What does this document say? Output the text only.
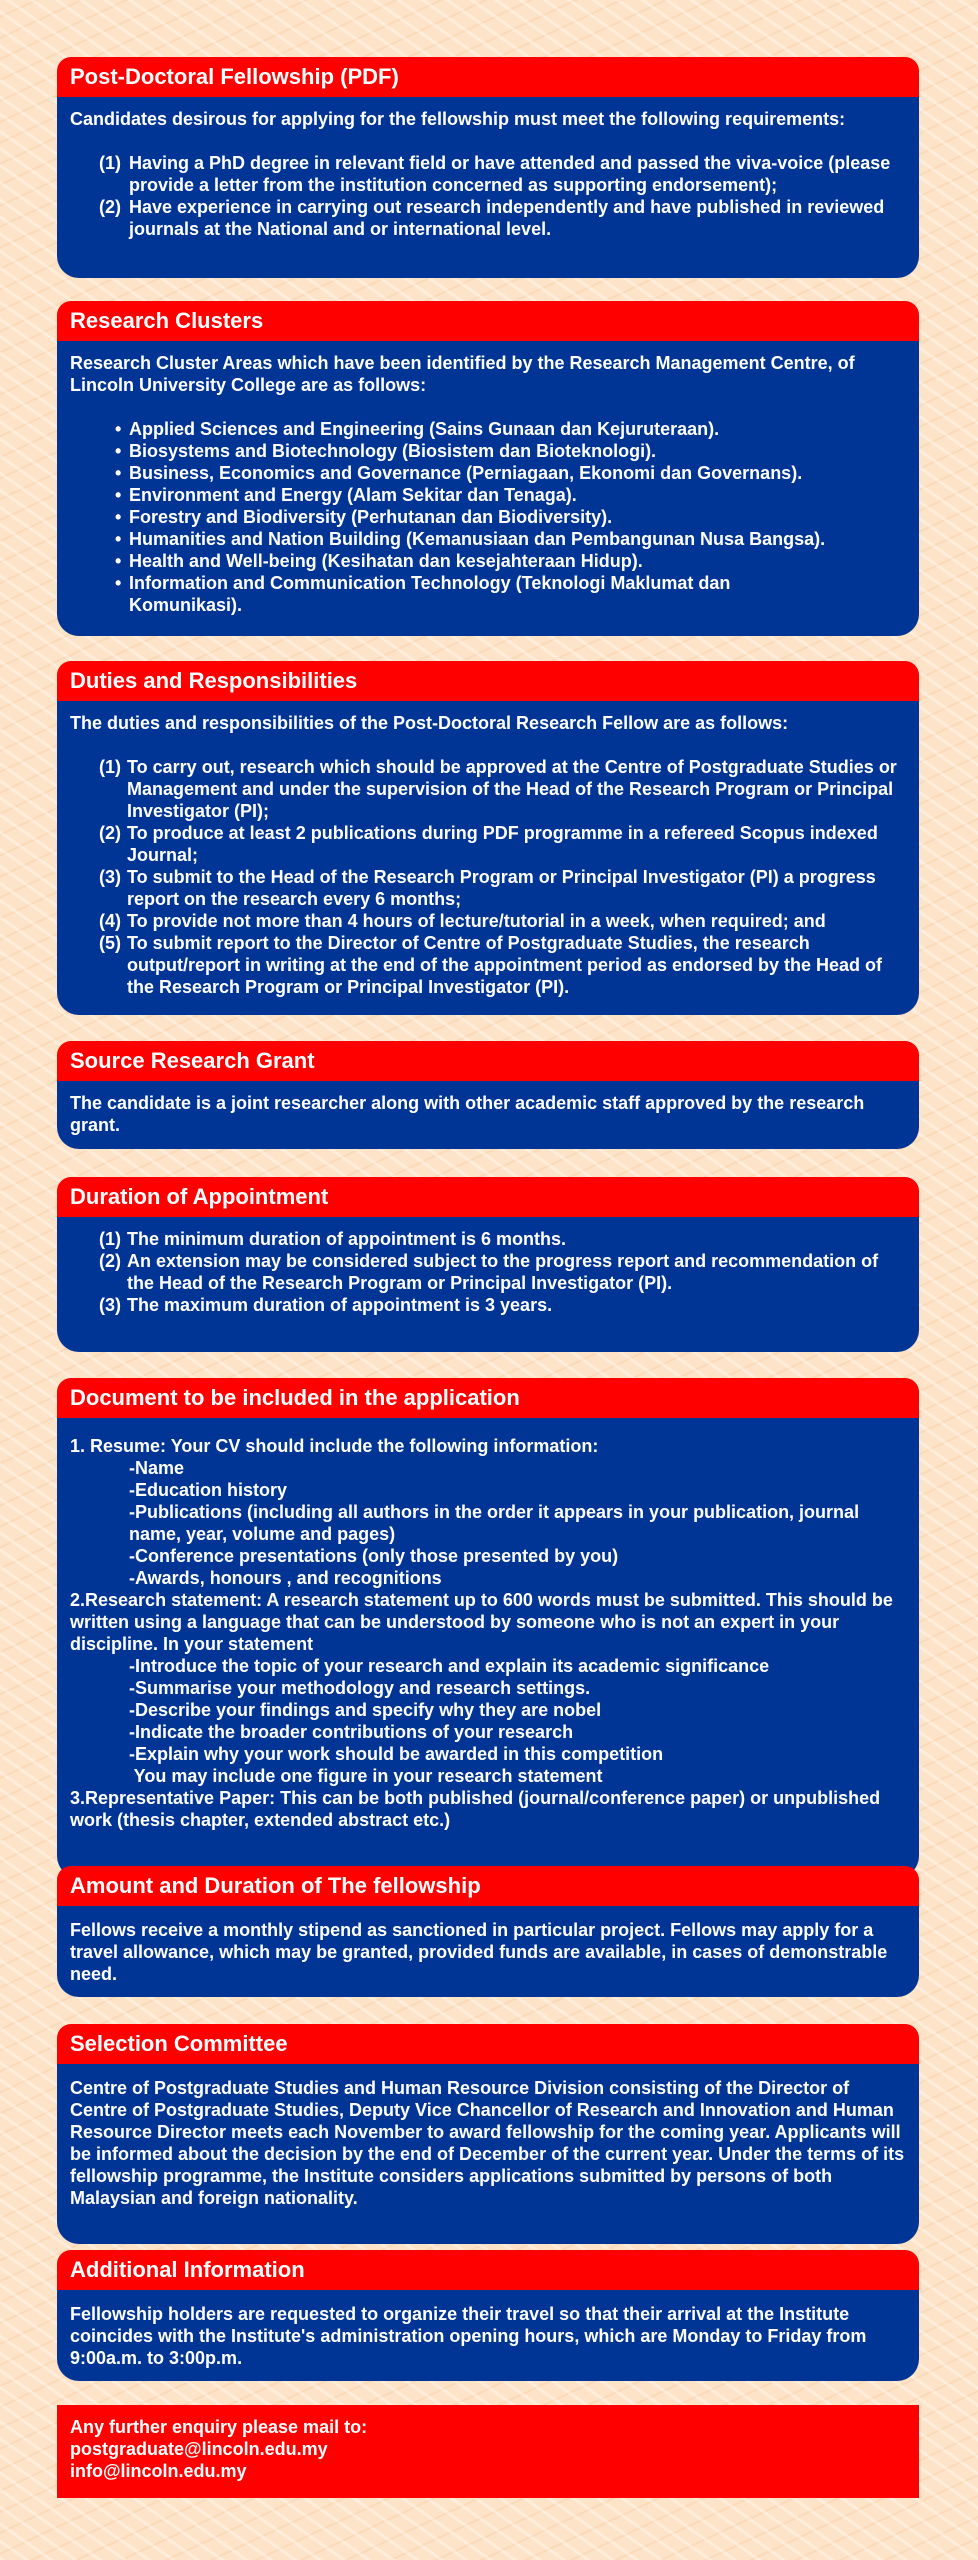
Post-Doctoral Fellowship (PDF)

Candidates desirous for applying for the fellowship must meet the following requirements:

(1) Having a PhD degree in relevant field or have attended and passed the viva-voice (please provide a letter from the institution concerned as supporting endorsement);
(2) Have experience in carrying out research independently and have published in reviewed journals at the National and or international level.
Research Clusters

Research Cluster Areas which have been identified by the Research Management Centre, of Lincoln University College are as follows:

• Applied Sciences and Engineering (Sains Gunaan dan Kejuruteraan).
• Biosystems and Biotechnology (Biosistem dan Bioteknologi).
• Business, Economics and Governance (Perniagaan, Ekonomi dan Governans).
• Environment and Energy (Alam Sekitar dan Tenaga).
• Forestry and Biodiversity (Perhutanan dan Biodiversity).
• Humanities and Nation Building (Kemanusiaan dan Pembangunan Nusa Bangsa).
• Health and Well-being (Kesihatan dan kesejahteraan Hidup).
• Information and Communication Technology (Teknologi Maklumat dan Komunikasi).
Duties and Responsibilities

The duties and responsibilities of the Post-Doctoral Research Fellow are as follows:

(1) To carry out, research which should be approved at the Centre of Postgraduate Studies or Management and under the supervision of the Head of the Research Program or Principal Investigator (PI);
(2) To produce at least 2 publications during PDF programme in a refereed Scopus indexed Journal;
(3) To submit to the Head of the Research Program or Principal Investigator (PI) a progress report on the research every 6 months;
(4) To provide not more than 4 hours of lecture/tutorial in a week, when required; and
(5) To submit report to the Director of Centre of Postgraduate Studies, the research output/report in writing at the end of the appointment period as endorsed by the Head of the Research Program or Principal Investigator (PI).
Source Research Grant

The candidate is a joint researcher along with other academic staff approved by the research grant.

Duration of Appointment
(1) The minimum duration of appointment is 6 months.
(2) An extension may be considered subject to the progress report and recommendation of the Head of the Research Program or Principal Investigator (PI).
(3) The maximum duration of appointment is 3 years.
Document to be included in the application

1. Resume: Your CV should include the following information:

-Name

-Education history

-Publications (including all authors in the order it appears in your publication, journal name, year, volume and pages)

-Conference presentations (only those presented by you)

-Awards, honours , and recognitions

2.Research statement: A research statement up to 600 words must be submitted. This should be written using a language that can be understood by someone who is not an expert in your discipline. In your statement

-Introduce the topic of your research and explain its academic significance

-Summarise your methodology and research settings.

-Describe your findings and specify why they are nobel

-Indicate the broader contributions of your research

-Explain why your work should be awarded in this competition

You may include one figure in your research statement

3.Representative Paper: This can be both published (journal/conference paper) or unpublished work (thesis chapter, extended abstract etc.)

Amount and Duration of The fellowship

Fellows receive a monthly stipend as sanctioned in particular project. Fellows may apply for a travel allowance, which may be granted, provided funds are available, in cases of demonstrable need.

Selection Committee

Centre of Postgraduate Studies and Human Resource Division consisting of the Director of Centre of Postgraduate Studies, Deputy Vice Chancellor of Research and Innovation and Human Resource Director meets each November to award fellowship for the coming year. Applicants will be informed about the decision by the end of December of the current year. Under the terms of its fellowship programme, the Institute considers applications submitted by persons of both Malaysian and foreign nationality.

Additional Information

Fellowship holders are requested to organize their travel so that their arrival at the Institute coincides with the Institute's administration opening hours, which are Monday to Friday from 9:00a.m. to 3:00p.m.

Any further enquiry please mail to:

postgraduate@lincoln.edu.my

info@lincoln.edu.my
